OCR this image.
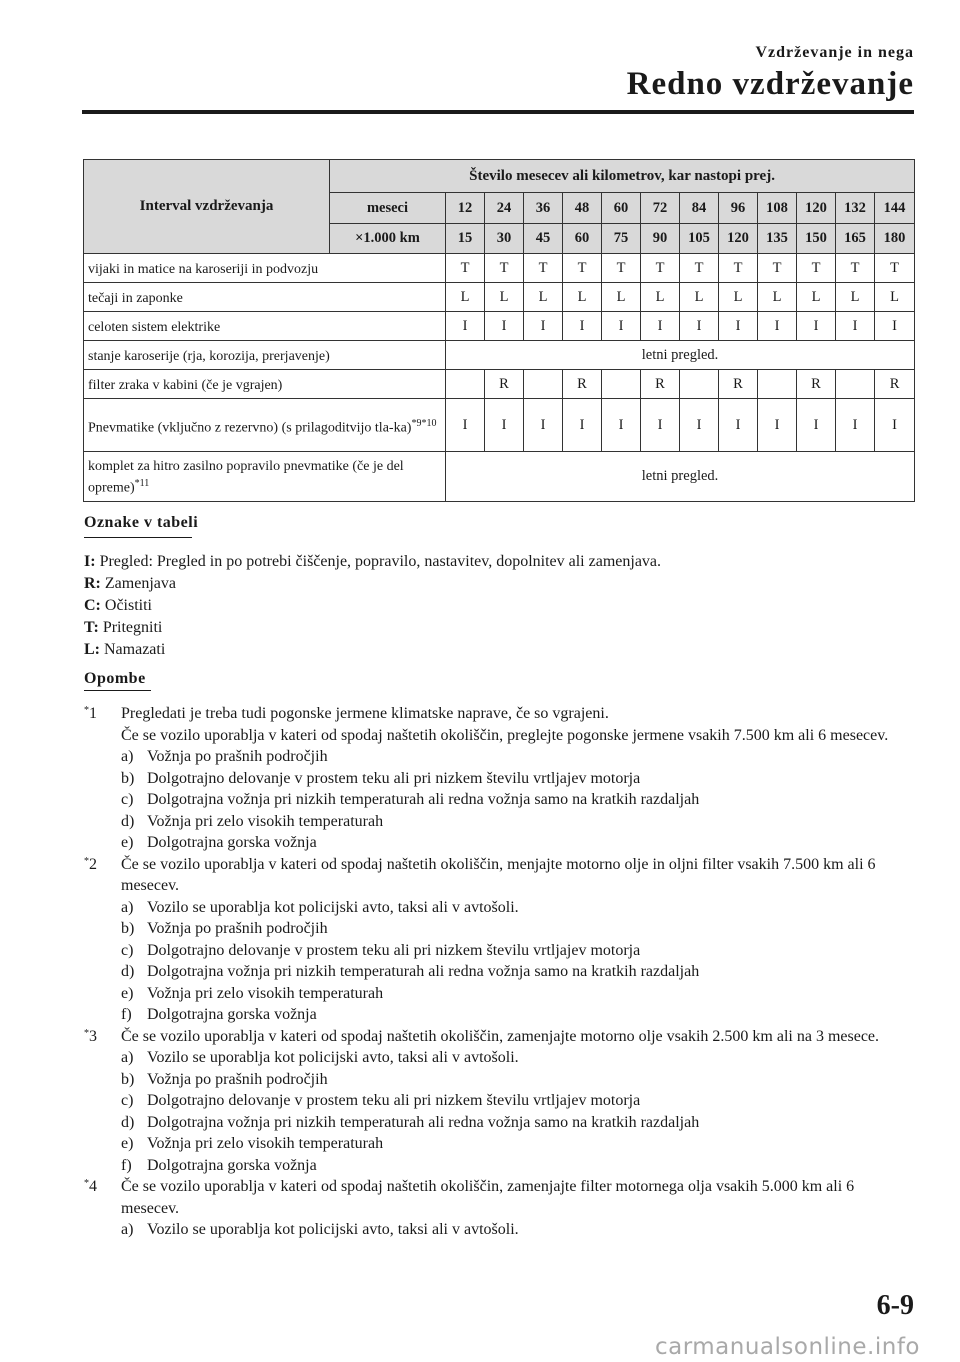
Vzdrževanje in nega
Redno vzdrževanje
Interval vzdrževanja	Število mesecev ali kilometrov, kar nastopi prej.												
	meseci	12	24	36	48	60	72	84	96	108	120	132	144
	×1.000 km	15	30	45	60	75	90	105	120	135	150	165	180
vijaki in matice na karoseriji in podvozju		T	T	T	T	T	T	T	T	T	T	T	T
tečaji in zaponke		L	L	L	L	L	L	L	L	L	L	L	L
celoten sistem elektrike		I	I	I	I	I	I	I	I	I	I	I	I
stanje karoserije (rja, korozija, prerjavenje)		letni pregled.											
filter zraka v kabini (če je vgrajen)			R		R		R		R		R		R
Pnevmatike (vključno z rezervno) (s prilagoditvijo tla-ka)$^{*9*10}$		I	I	I	I	I	I	I	I	I	I	I	I
komplet za hitro zasilno popravilo pnevmatike (če je del opreme)$^{*11}$		letni pregled.											
Oznake v tabeli
I: Pregled: Pregled in po potrebi čiščenje, popravilo, nastavitev, dopolnitev ali zamenjava.
R: Zamenjava
C: Očistiti
T: Pritegniti
L: Namazati
Opombe
*1 Pregledati je treba tudi pogonske jermene klimatske naprave, če so vgrajeni.
Če se vozilo uporablja v kateri od spodaj naštetih okoliščin, preglejte pogonske jermene vsakih 7.500 km ali 6 mesecev.
a) Vožnja po prašnih področjih
b) Dolgotrajno delovanje v prostem teku ali pri nizkem številu vrtljajev motorja
c) Dolgotrajna vožnja pri nizkih temperaturah ali redna vožnja samo na kratkih razdaljah
d) Vožnja pri zelo visokih temperaturah
e) Dolgotrajna gorska vožnja
*2 Če se vozilo uporablja v kateri od spodaj naštetih okoliščin, menjajte motorno olje in oljni filter vsakih 7.500 km ali 6 mesecev.
a) Vozilo se uporablja kot policijski avto, taksi ali v avtošoli.
b) Vožnja po prašnih področjih
c) Dolgotrajno delovanje v prostem teku ali pri nizkem številu vrtljajev motorja
d) Dolgotrajna vožnja pri nizkih temperaturah ali redna vožnja samo na kratkih razdaljah
e) Vožnja pri zelo visokih temperaturah
f) Dolgotrajna gorska vožnja
*3 Če se vozilo uporablja v kateri od spodaj naštetih okoliščin, zamenjajte motorno olje vsakih 2.500 km ali na 3 mesece.
a) Vozilo se uporablja kot policijski avto, taksi ali v avtošoli.
b) Vožnja po prašnih področjih
c) Dolgotrajno delovanje v prostem teku ali pri nizkem številu vrtljajev motorja
d) Dolgotrajna vožnja pri nizkih temperaturah ali redna vožnja samo na kratkih razdaljah
e) Vožnja pri zelo visokih temperaturah
f) Dolgotrajna gorska vožnja
*4 Če se vozilo uporablja v kateri od spodaj naštetih okoliščin, zamenjajte filter motornega olja vsakih 5.000 km ali 6 mesecev.
a) Vozilo se uporablja kot policijski avto, taksi ali v avtošoli.
6-9
carmanualsonline.info
